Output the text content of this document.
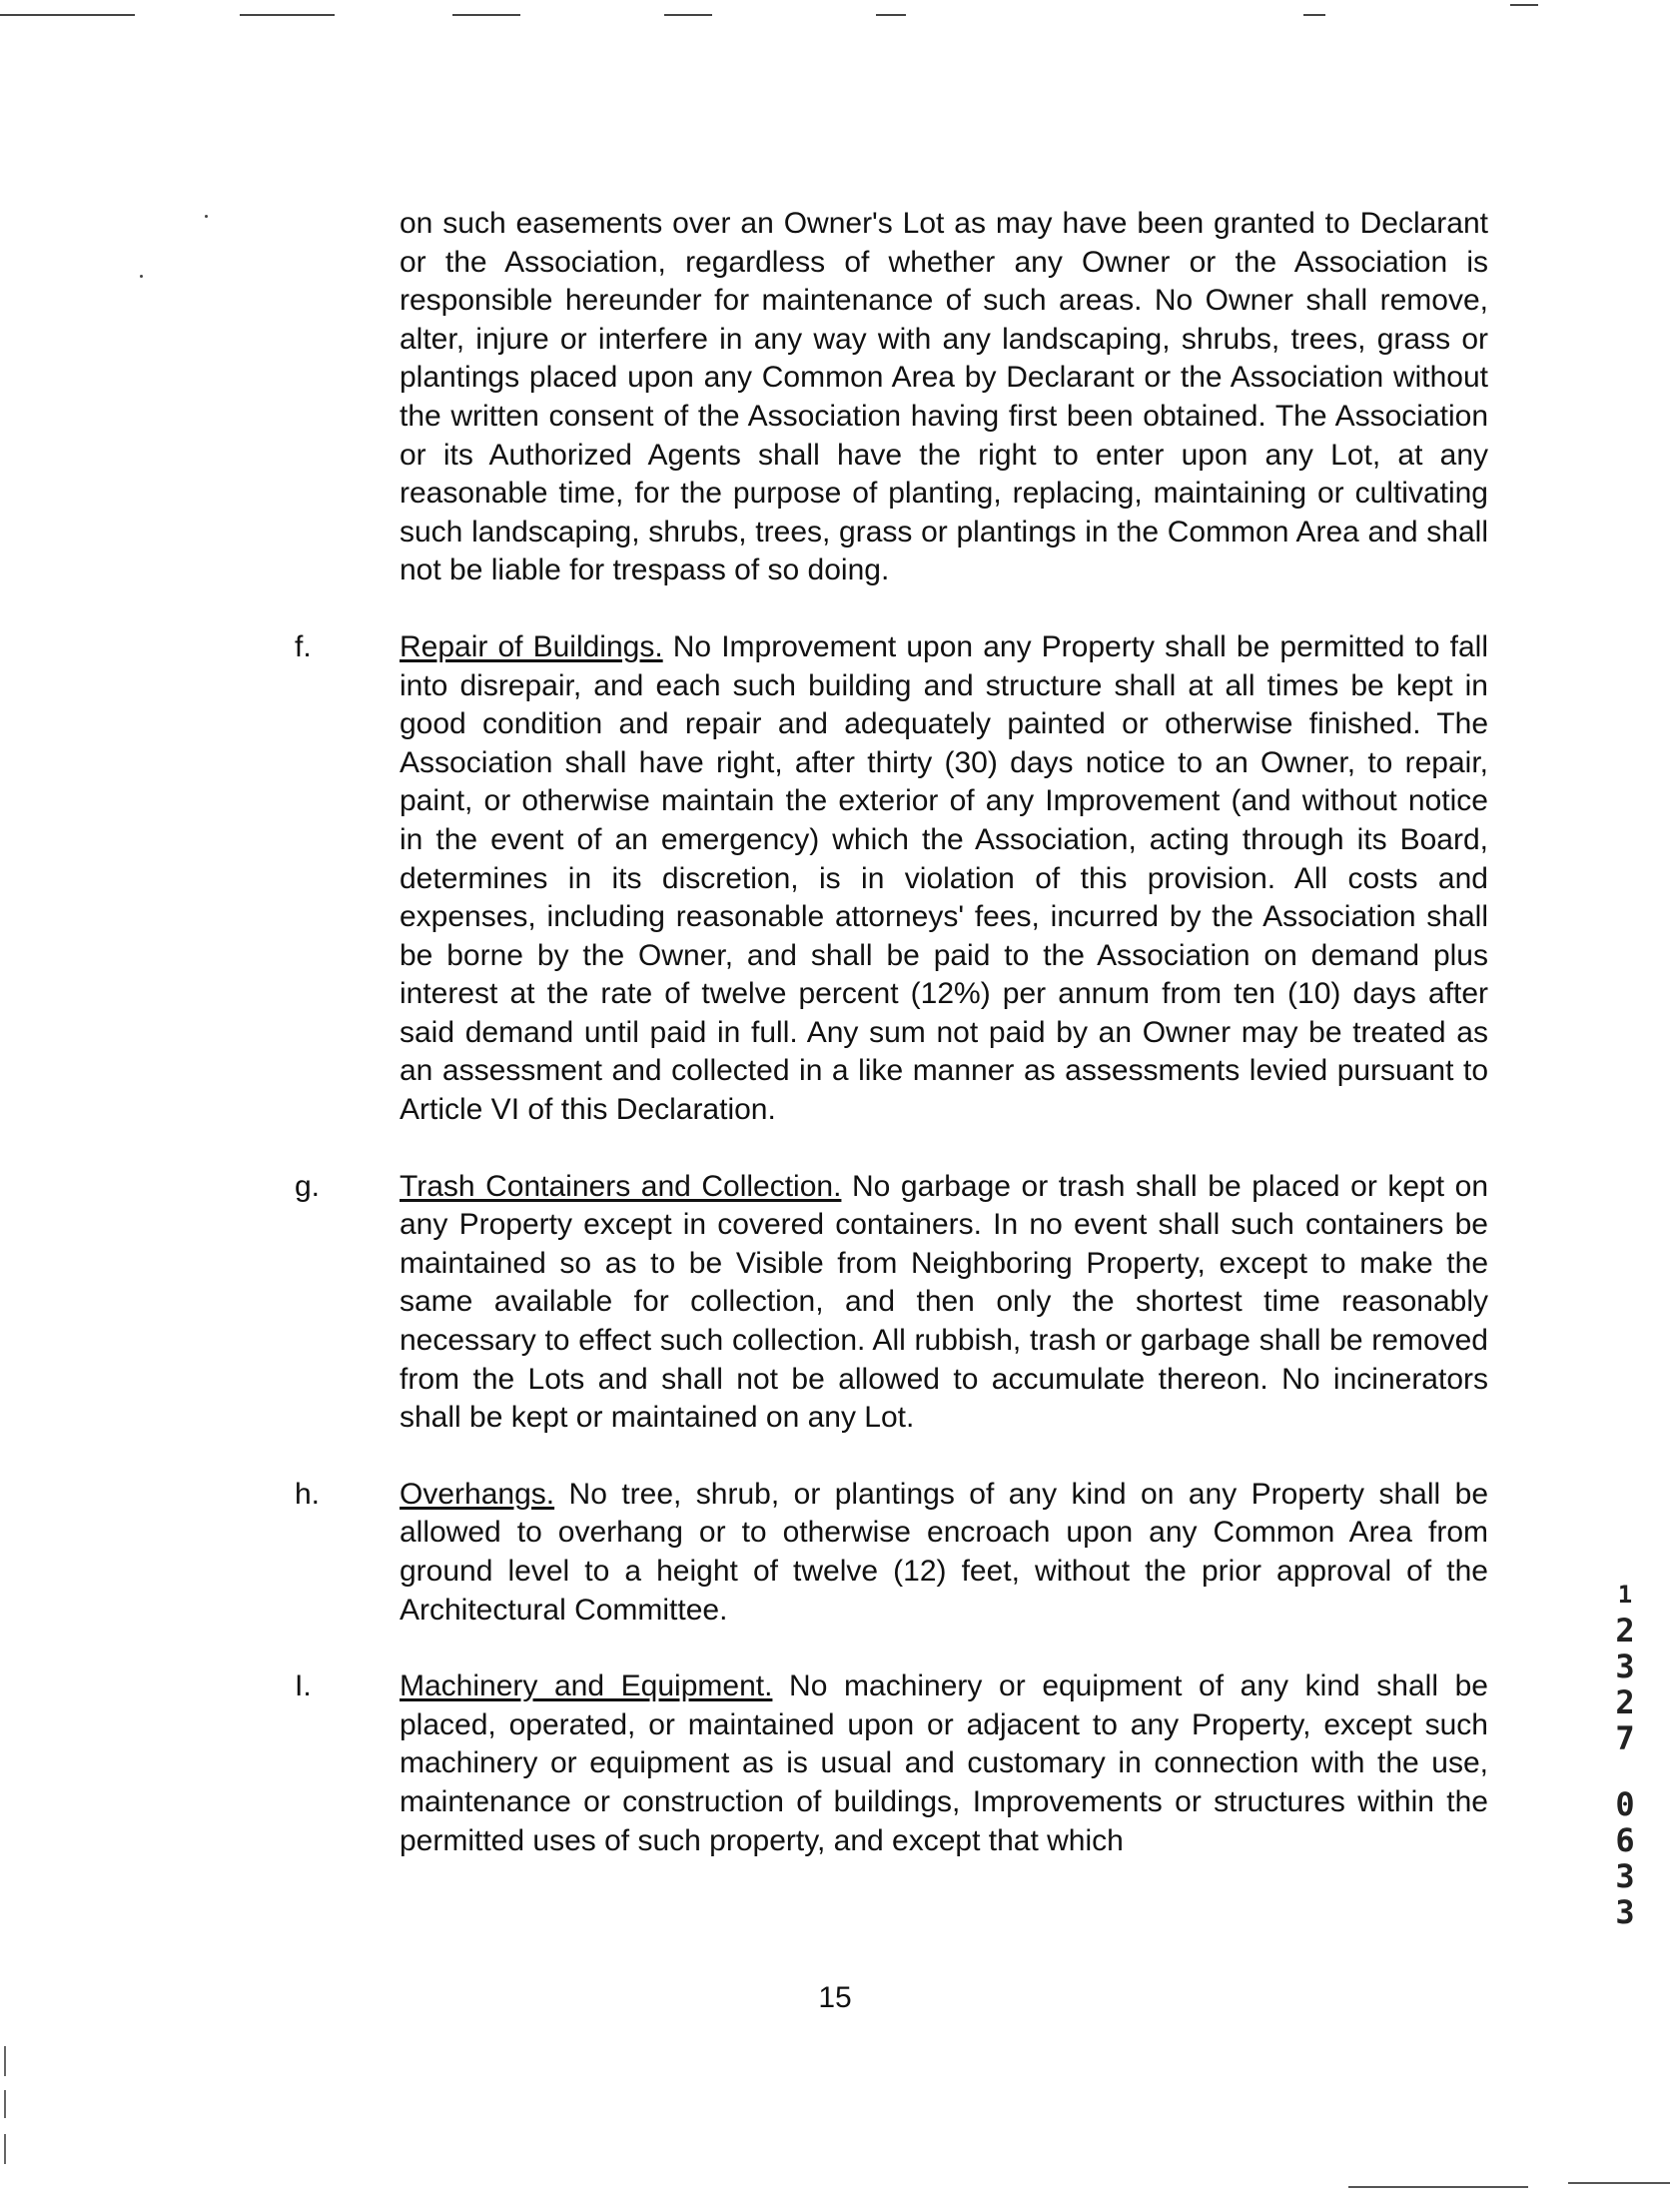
on such easements over an Owner's Lot as may have been granted to Declarant or the Association, regardless of whether any Owner or the Association is responsible hereunder for maintenance of such areas. No Owner shall remove, alter, injure or interfere in any way with any landscaping, shrubs, trees, grass or plantings placed upon any Common Area by Declarant or the Association without the written consent of the Association having first been obtained. The Association or its Authorized Agents shall have the right to enter upon any Lot, at any reasonable time, for the purpose of planting, replacing, maintaining or cultivating such landscaping, shrubs, trees, grass or plantings in the Common Area and shall not be liable for trespass of so doing.

f.	Repair of Buildings. No Improvement upon any Property shall be permitted to fall into disrepair, and each such building and structure shall at all times be kept in good condition and repair and adequately painted or otherwise finished. The Association shall have right, after thirty (30) days notice to an Owner, to repair, paint, or otherwise maintain the exterior of any Improvement (and without notice in the event of an emergency) which the Association, acting through its Board, determines in its discretion, is in violation of this provision. All costs and expenses, including reasonable attorneys' fees, incurred by the Association shall be borne by the Owner, and shall be paid to the Association on demand plus interest at the rate of twelve percent (12%) per annum from ten (10) days after said demand until paid in full. Any sum not paid by an Owner may be treated as an assessment and collected in a like manner as assessments levied pursuant to Article VI of this Declaration.

g.	Trash Containers and Collection. No garbage or trash shall be placed or kept on any Property except in covered containers. In no event shall such containers be maintained so as to be Visible from Neighboring Property, except to make the same available for collection, and then only the shortest time reasonably necessary to effect such collection. All rubbish, trash or garbage shall be removed from the Lots and shall not be allowed to accumulate thereon. No incinerators shall be kept or maintained on any Lot.

h.	Overhangs. No tree, shrub, or plantings of any kind on any Property shall be allowed to overhang or to otherwise encroach upon any Common Area from ground level to a height of twelve (12) feet, without the prior approval of the Architectural Committee.

I.	Machinery and Equipment. No machinery or equipment of any kind shall be placed, operated, or maintained upon or adjacent to any Property, except such machinery or equipment as is usual and customary in connection with the use, maintenance or construction of buildings, Improvements or structures within the permitted uses of such property, and except that which

15
1
2
3
2
7
0
6
3
3
